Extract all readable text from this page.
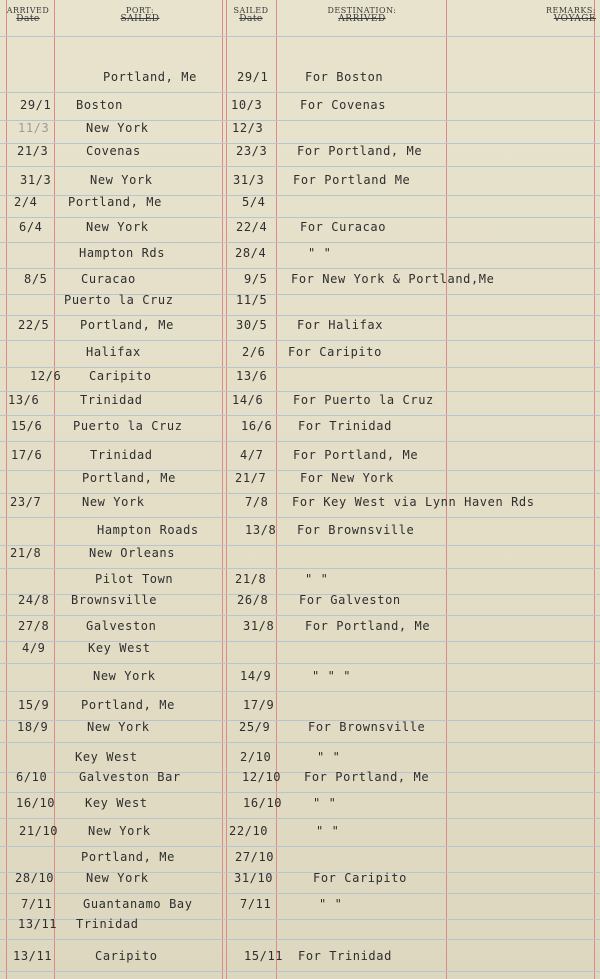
ARRIVED
Date
PORT:
SAILED
SAILED
Date
DESTINATION:
ARRIVED
REMARKS:
VOYAGE
Portland, Me	29/1	For Boston
29/1 Boston	10/3	For Covenas
11/3	New York	12/3
21/3	Covenas	23/3 For Portland, Me
31/3	New York	31/3 For Portland Me
2/4	Portland, Me	5/4
6/4	New York	22/4	For Curacao
Hampton Rds	28/4	" "
8/5	Curacao	9/5 For New York & Portland,Me
Puerto la Cruz	11/5
22/5	Portland, Me	30/5 For Halifax
Halifax	2/6 For Caripito
12/6 Caripito	13/6
13/6	Trinidad	14/6 For Puerto la Cruz
15/6	Puerto la Cruz	16/6 For Trinidad
17/6	Trinidad	4/7 For Portland, Me
Portland, Me	21/7	For New York
23/7	New York	7/8 For Key West via Lynn Haven Rds
Hampton Roads	13/8 For Brownsville
21/8	New Orleans
Pilot Town	21/8	" "
24/8 Brownsville	26/8	For Galveston
27/8	Galveston	31/8	For Portland, Me
4/9	Key West
New York	14/9	" " "
15/9	Portland, Me	17/9
18/9	New York	25/9	For Brownsville
Key West	2/10	" "
6/10	Galveston Bar	12/10 For Portland, Me
16/10 Key West	16/10	" "
21/10 New York	22/10	" "
Portland, Me	27/10
28/10	New York	31/10	For Caripito
7/11	Guantanamo Bay	7/11	" "
13/11 Trinidad
13/11	Caripito	15/11 For Trinidad
